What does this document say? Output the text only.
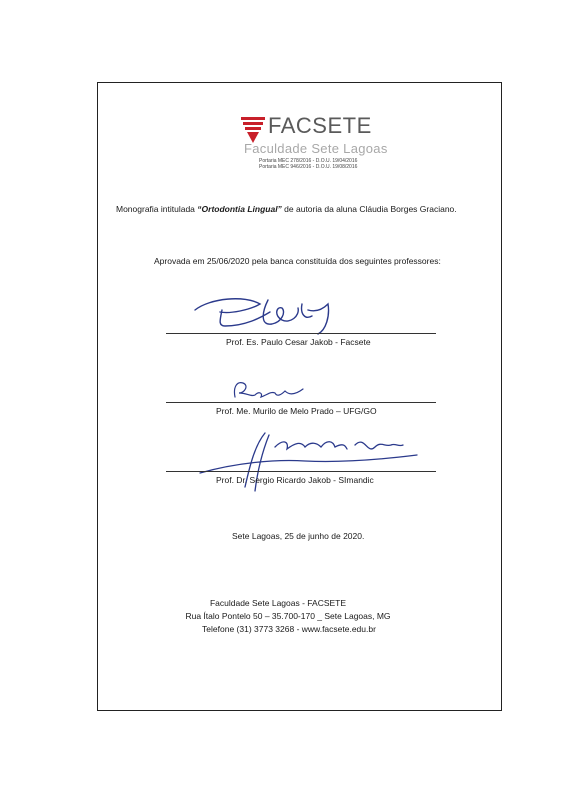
FACSETE
Faculdade Sete Lagoas
Portaria MEC 278/2016 - D.O.U. 19/04/2016
Portaria MEC 946/2016 - D.O.U. 19/08/2016
Monografia intitulada “Ortodontia Lingual” de autoria da aluna Cláudia Borges Graciano.
Aprovada em 25/06/2020 pela banca constituída dos seguintes professores:
Prof. Es. Paulo Cesar Jakob - Facsete
Prof. Me. Murilo de Melo Prado – UFG/GO
Prof. Dr. Sergio Ricardo Jakob - SImandic
Sete Lagoas, 25 de junho de 2020.
Faculdade Sete Lagoas - FACSETE
Rua Ítalo Pontelo 50 – 35.700-170 _ Sete Lagoas, MG
Telefone (31) 3773 3268 - www.facsete.edu.br
